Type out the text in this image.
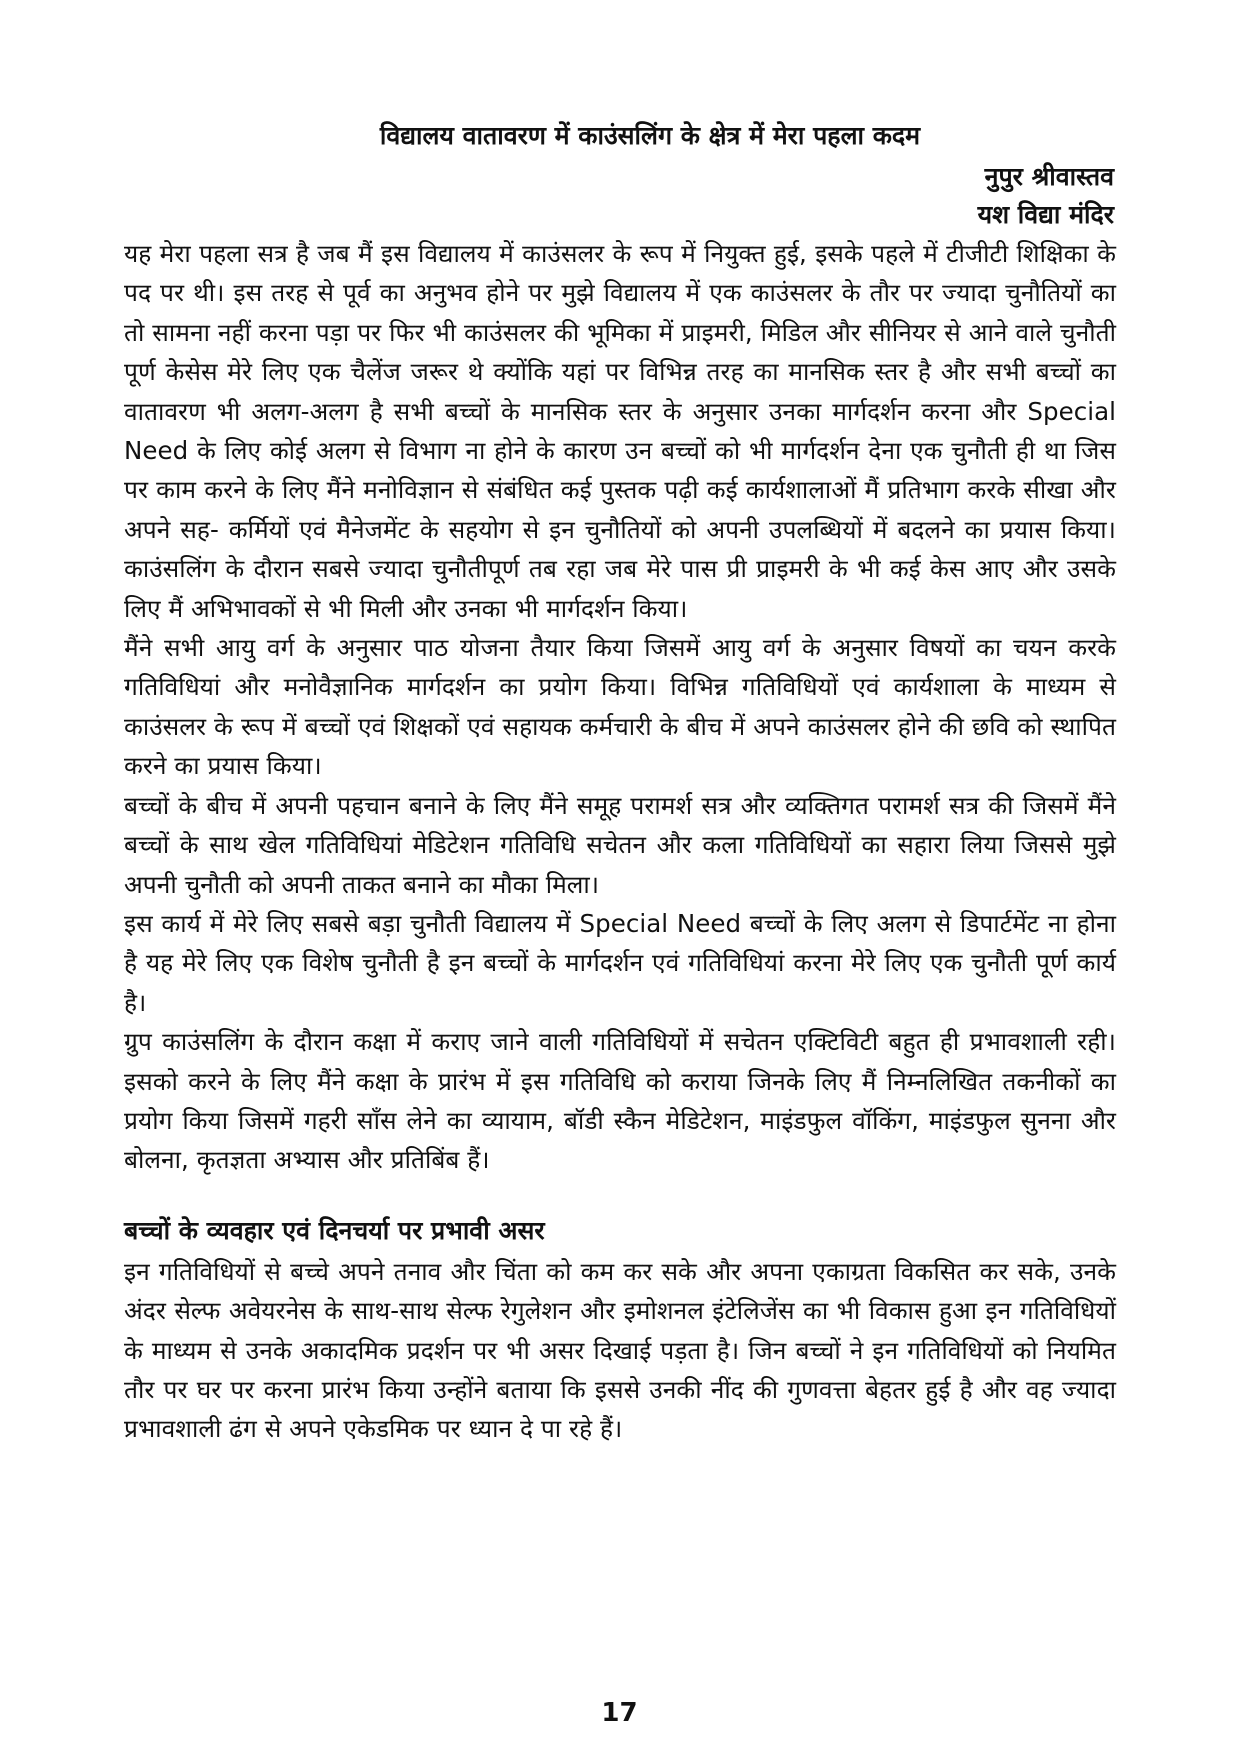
विद्यालय वातावरण में काउंसलिंग के क्षेत्र में मेरा पहला कदम

नुपुर श्रीवास्तव

यश विद्या मंदिर

यह मेरा पहला सत्र है जब मैं इस विद्यालय में काउंसलर के रूप में नियुक्त हुई, इसके पहले में टीजीटी शिक्षिका के पद पर थी। इस तरह से पूर्व का अनुभव होने पर मुझे विद्यालय में एक काउंसलर के तौर पर ज्यादा चुनौतियों का तो सामना नहीं करना पड़ा पर फिर भी काउंसलर की भूमिका में प्राइमरी, मिडिल और सीनियर से आने वाले चुनौती पूर्ण केसेस मेरे लिए एक चैलेंज जरूर थे क्योंकि यहां पर विभिन्न तरह का मानसिक स्तर है और सभी बच्चों का वातावरण भी अलग-अलग है सभी बच्चों के मानसिक स्तर के अनुसार उनका मार्गदर्शन करना और Special Need के लिए कोई अलग से विभाग ना होने के कारण उन बच्चों को भी मार्गदर्शन देना एक चुनौती ही था जिस पर काम करने के लिए मैंने मनोविज्ञान से संबंधित कई पुस्तक पढ़ी कई कार्यशालाओं मैं प्रतिभाग करके सीखा और अपने सह- कर्मियों एवं मैनेजमेंट के सहयोग से इन चुनौतियों को अपनी उपलब्धियों में बदलने का प्रयास किया। काउंसलिंग के दौरान सबसे ज्यादा चुनौतीपूर्ण तब रहा जब मेरे पास प्री प्राइमरी के भी कई केस आए और उसके लिए मैं अभिभावकों से भी मिली और उनका भी मार्गदर्शन किया।

मैंने सभी आयु वर्ग के अनुसार पाठ योजना तैयार किया जिसमें आयु वर्ग के अनुसार विषयों का चयन करके गतिविधियां और मनोवैज्ञानिक मार्गदर्शन का प्रयोग किया। विभिन्न गतिविधियों एवं कार्यशाला के माध्यम से काउंसलर के रूप में बच्चों एवं शिक्षकों एवं सहायक कर्मचारी के बीच में अपने काउंसलर होने की छवि को स्थापित करने का प्रयास किया।

बच्चों के बीच में अपनी पहचान बनाने के लिए मैंने समूह परामर्श सत्र और व्यक्तिगत परामर्श सत्र की जिसमें मैंने बच्चों के साथ खेल गतिविधियां मेडिटेशन गतिविधि सचेतन और कला गतिविधियों का सहारा लिया जिससे मुझे अपनी चुनौती को अपनी ताकत बनाने का मौका मिला।

इस कार्य में मेरे लिए सबसे बड़ा चुनौती विद्यालय में Special Need बच्चों के लिए अलग से डिपार्टमेंट ना होना है यह मेरे लिए एक विशेष चुनौती है इन बच्चों के मार्गदर्शन एवं गतिविधियां करना मेरे लिए एक चुनौती पूर्ण कार्य है।

ग्रुप काउंसलिंग के दौरान कक्षा में कराए जाने वाली गतिविधियों में सचेतन एक्टिविटी बहुत ही प्रभावशाली रही। इसको करने के लिए मैंने कक्षा के प्रारंभ में इस गतिविधि को कराया जिनके लिए मैं निम्नलिखित तकनीकों का प्रयोग किया जिसमें गहरी साँस लेने का व्यायाम, बॉडी स्कैन मेडिटेशन, माइंडफुल वॉकिंग, माइंडफुल सुनना और बोलना, कृतज्ञता अभ्यास और प्रतिबिंब हैं।

बच्चों के व्यवहार एवं दिनचर्या पर प्रभावी असर

इन गतिविधियों से बच्चे अपने तनाव और चिंता को कम कर सके और अपना एकाग्रता विकसित कर सके, उनके अंदर सेल्फ अवेयरनेस के साथ-साथ सेल्फ रेगुलेशन और इमोशनल इंटेलिजेंस का भी विकास हुआ इन गतिविधियों के माध्यम से उनके अकादमिक प्रदर्शन पर भी असर दिखाई पड़ता है। जिन बच्चों ने इन गतिविधियों को नियमित तौर पर घर पर करना प्रारंभ किया उन्होंने बताया कि इससे उनकी नींद की गुणवत्ता बेहतर हुई है और वह ज्यादा प्रभावशाली ढंग से अपने एकेडमिक पर ध्यान दे पा रहे हैं।

17
